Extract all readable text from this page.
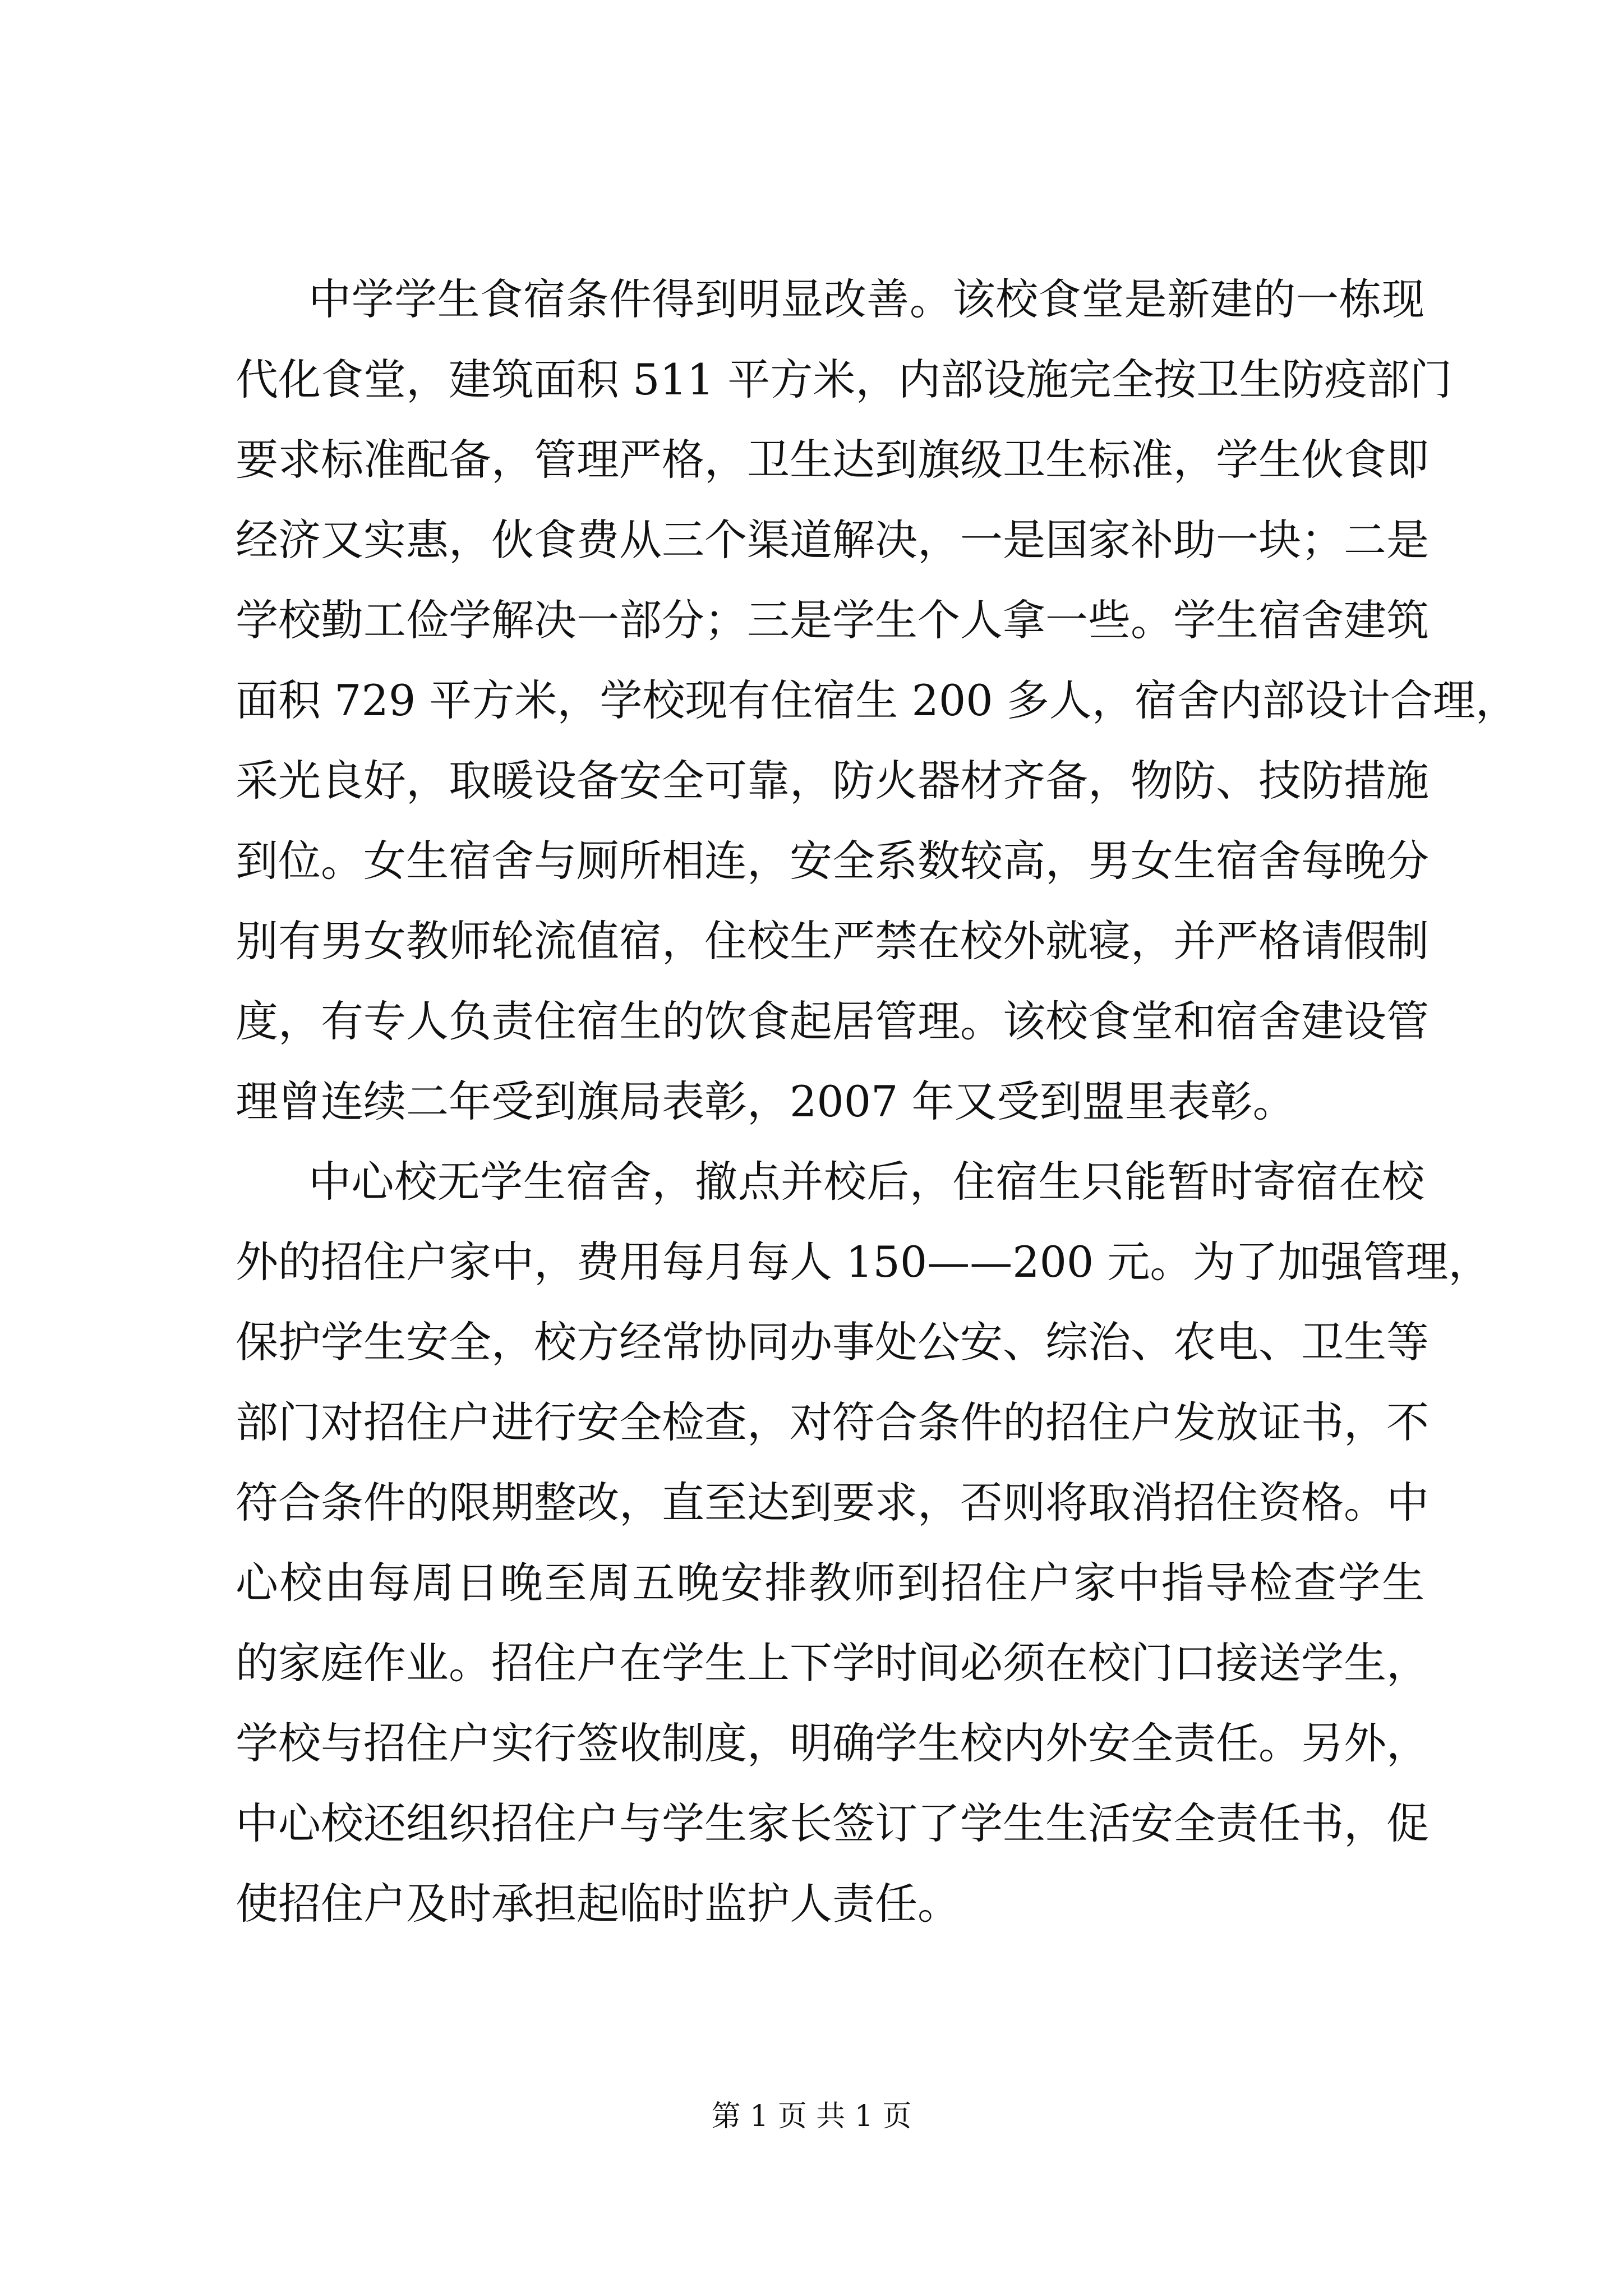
中学学生食宿条件得到明显改善。该校食堂是新建的一栋现
代化食堂，建筑面积 511 平方米，内部设施完全按卫生防疫部门
要求标准配备，管理严格，卫生达到旗级卫生标准，学生伙食即
经济又实惠，伙食费从三个渠道解决，一是国家补助一块；二是
学校勤工俭学解决一部分；三是学生个人拿一些。学生宿舍建筑
面积 729 平方米，学校现有住宿生 200 多人，宿舍内部设计合理，
采光良好，取暖设备安全可靠，防火器材齐备，物防、技防措施
到位。女生宿舍与厕所相连，安全系数较高，男女生宿舍每晚分
别有男女教师轮流值宿，住校生严禁在校外就寝，并严格请假制
度，有专人负责住宿生的饮食起居管理。该校食堂和宿舍建设管
理曾连续二年受到旗局表彰，2007 年又受到盟里表彰。
中心校无学生宿舍，撤点并校后，住宿生只能暂时寄宿在校
外的招住户家中，费用每月每人 150——200 元。为了加强管理，
保护学生安全，校方经常协同办事处公安、综治、农电、卫生等
部门对招住户进行安全检查，对符合条件的招住户发放证书，不
符合条件的限期整改，直至达到要求，否则将取消招住资格。中
心校由每周日晚至周五晚安排教师到招住户家中指导检查学生
的家庭作业。招住户在学生上下学时间必须在校门口接送学生，
学校与招住户实行签收制度，明确学生校内外安全责任。另外，
中心校还组织招住户与学生家长签订了学生生活安全责任书，促
使招住户及时承担起临时监护人责任。
第 1 页 共 1 页
